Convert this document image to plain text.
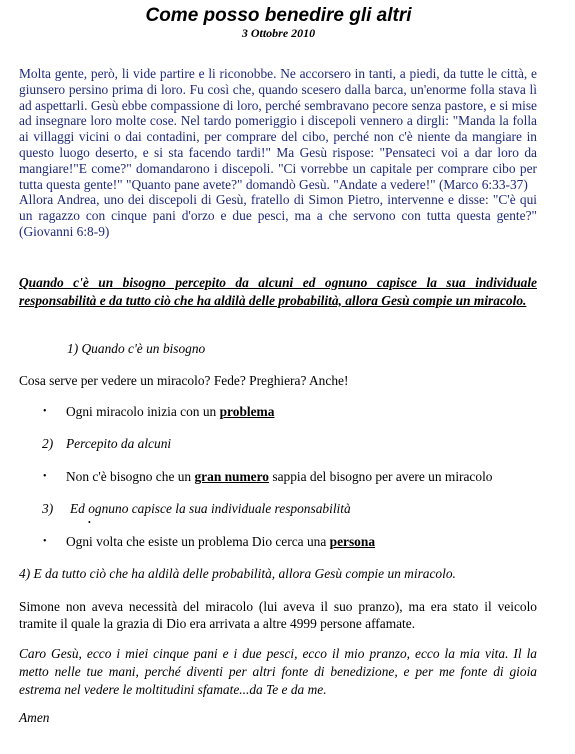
Come posso benedire gli altri
3 Ottobre 2010

Molta gente, però, li vide partire e li riconobbe. Ne accorsero in tanti, a piedi, da tutte le città, e giunsero persino prima di loro. Fu così che, quando scesero dalla barca, un'enorme folla stava lì ad aspettarli. Gesù ebbe compassione di loro, perché sembravano pecore senza pastore, e si mise ad insegnare loro molte cose. Nel tardo pomeriggio i discepoli vennero a dirgli: "Manda la folla ai villaggi vicini o dai contadini, per comprare del cibo, perché non c'è niente da mangiare in questo luogo deserto, e si sta facendo tardi!" Ma Gesù rispose: "Pensateci voi a dar loro da mangiare!"E come?" domandarono i discepoli. "Ci vorrebbe un capitale per comprare cibo per tutta questa gente!" "Quanto pane avete?" domandò Gesù. "Andate a vedere!" (Marco 6:33-37)

Allora Andrea, uno dei discepoli di Gesù, fratello di Simon Pietro, intervenne e disse: "C'è qui un ragazzo con cinque pani d'orzo e due pesci, ma a che servono con tutta questa gente?" (Giovanni 6:8-9)

Quando c'è un bisogno percepito da alcuni ed ognuno capisce la sua individuale responsabilità e da tutto ciò che ha aldilà delle probabilità, allora Gesù compie un miracolo.
1) Quando c'è un bisogno
Cosa serve per vedere un miracolo? Fede? Preghiera? Anche!
• Ogni miracolo inizia con un problema
2) Percepito da alcuni
• Non c'è bisogno che un gran numero sappia del bisogno per avere un miracolo
3) Ed ognuno capisce la sua individuale responsabilità
•
• Ogni volta che esiste un problema Dio cerca una persona
4) E da tutto ciò che ha aldilà delle probabilità, allora Gesù compie un miracolo.
Simone non aveva necessità del miracolo (lui aveva il suo pranzo), ma era stato il veicolo tramite il quale la grazia di Dio era arrivata a altre 4999 persone affamate.
Caro Gesù, ecco i miei cinque pani e i due pesci, ecco il mio pranzo, ecco la mia vita. Il la metto nelle tue mani, perché diventi per altri fonte di benedizione, e per me fonte di gioia estrema nel vedere le moltitudini sfamate...da Te e da me.
Amen
